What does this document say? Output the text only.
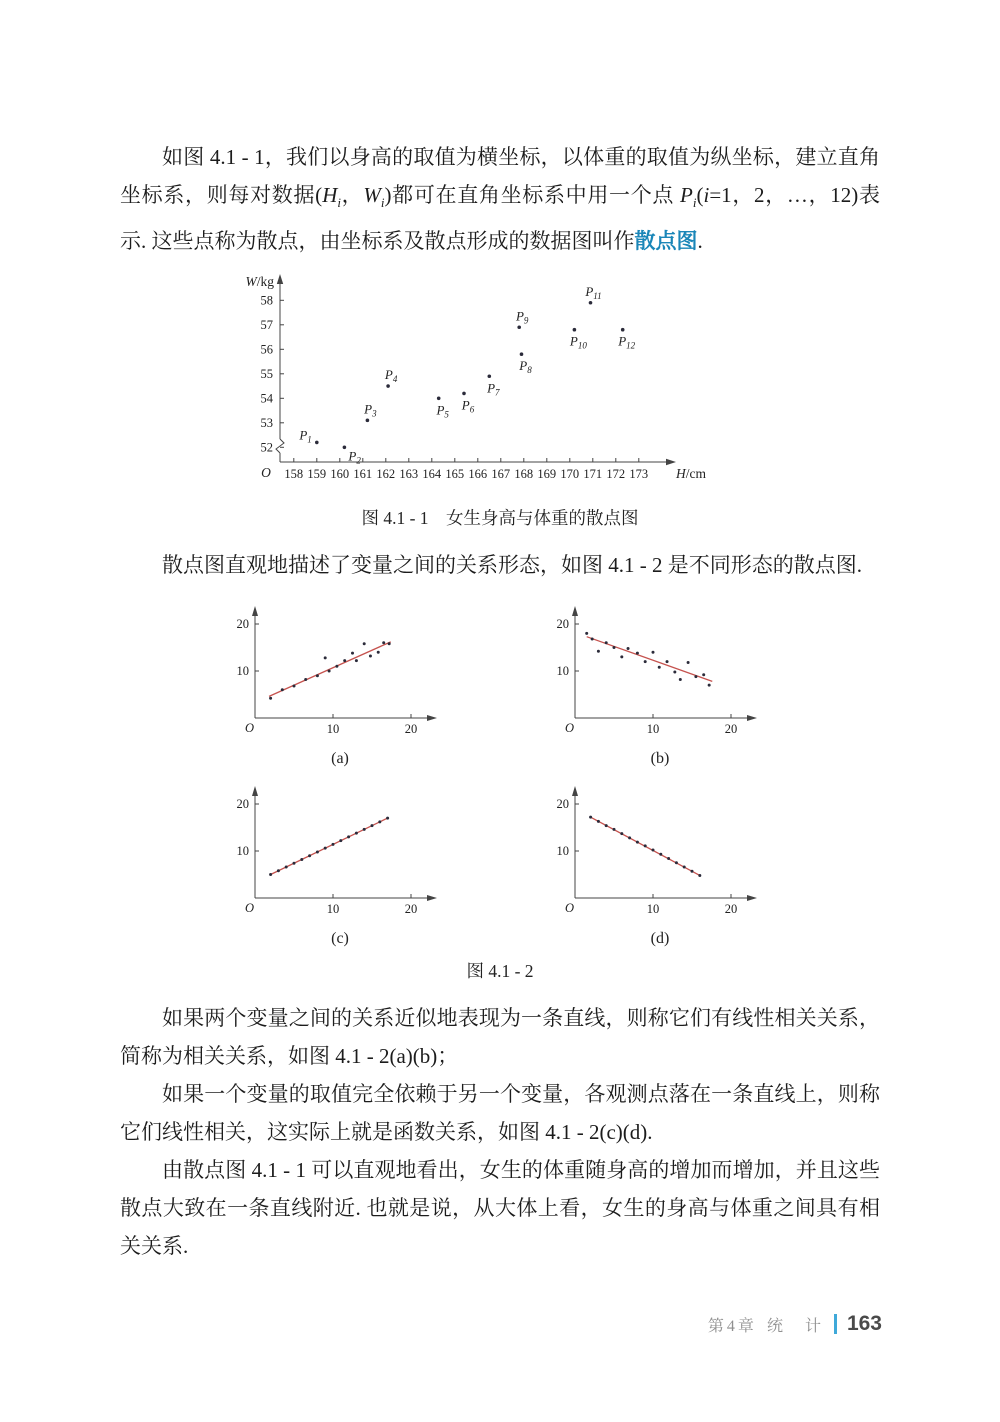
如图 4.1 - 1，我们以身高的取值为横坐标，以体重的取值为纵坐标，建立直角坐标系，则每对数据($H_i$，$W_i$)都可在直角坐标系中用一个点 $P_i(i=1$，2，…，12)表示. 这些点称为散点，由坐标系及散点形成的数据图叫作散点图.

158 159 160 161 162 163 164 165 166 167 168 169 170 171 172 173
52
53
54
55
56
57
58
W/kg
H/cm
O
$P_1$
$P_2$
$P_3$
$P_4$
$P_5$
$P_6$
$P_7$
$P_8$
$P_9$
$P_{10}$
$P_{11}$
$P_{12}$
图 4.1 - 1　女生身高与体重的散点图

散点图直观地描述了变量之间的关系形态，如图 4.1 - 2 是不同形态的散点图.

10	20
10
20
O
(a)
10	20
10
20
O
(b)
10	20
10
20
O
(c)
10	20
10
20
O
(d)
图 4.1 - 2

如果两个变量之间的关系近似地表现为一条直线，则称它们有线性相关关系，简称为相关关系，如图 4.1 - 2(a)(b)；

如果一个变量的取值完全依赖于另一个变量，各观测点落在一条直线上，则称它们线性相关，这实际上就是函数关系，如图 4.1 - 2(c)(d).

由散点图 4.1 - 1 可以直观地看出，女生的体重随身高的增加而增加，并且这些散点大致在一条直线附近. 也就是说，从大体上看，女生的身高与体重之间具有相关关系.

第4章 统　计 163
